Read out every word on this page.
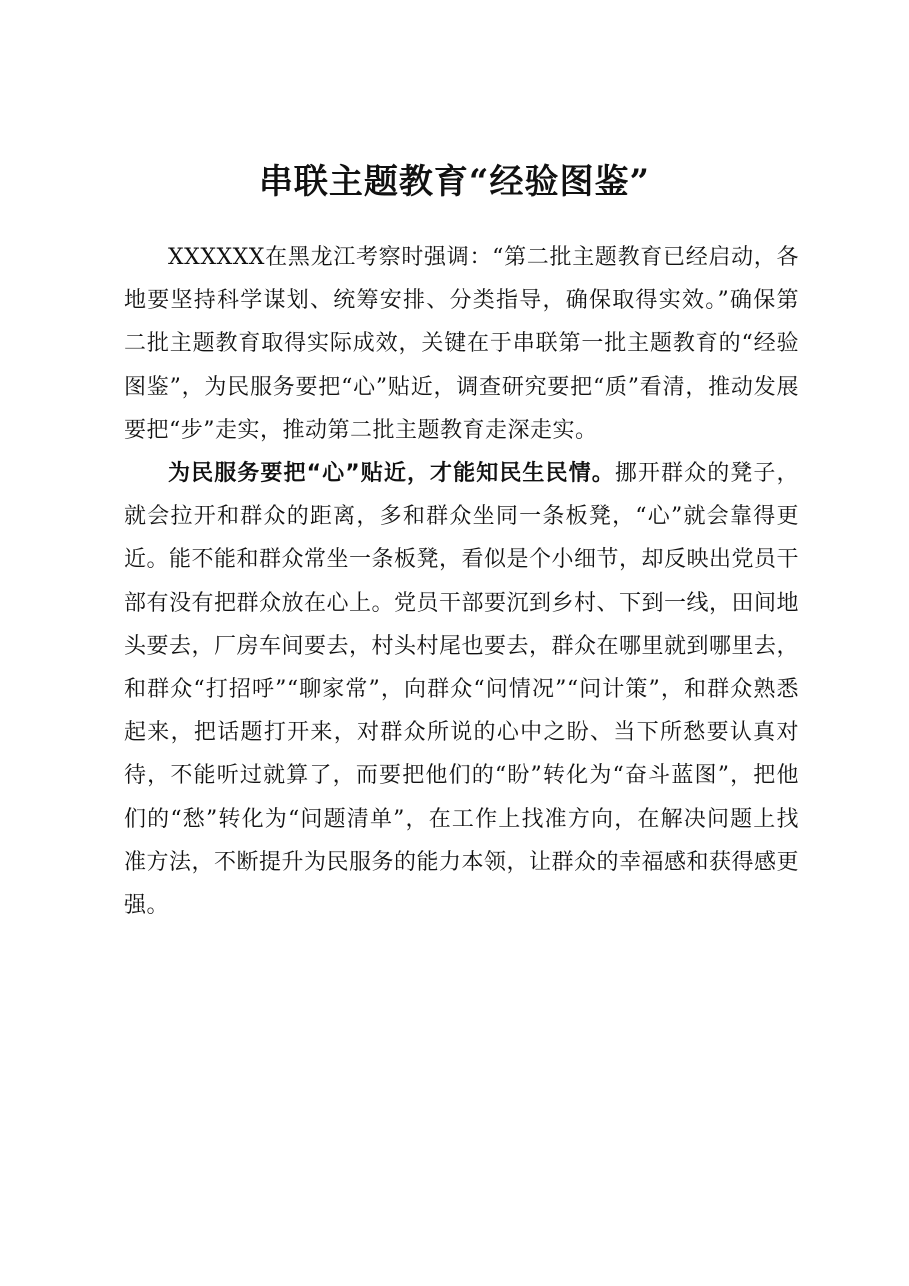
串联主题教育“经验图鉴”

XXXXXX在黑龙江考察时强调：“第二批主题教育已经启动，各地要坚持科学谋划、统筹安排、分类指导，确保取得实效。”确保第二批主题教育取得实际成效，关键在于串联第一批主题教育的“经验图鉴”，为民服务要把“心”贴近，调查研究要把“质”看清，推动发展要把“步”走实，推动第二批主题教育走深走实。

为民服务要把“心”贴近，才能知民生民情。挪开群众的凳子，就会拉开和群众的距离，多和群众坐同一条板凳，“心”就会靠得更近。能不能和群众常坐一条板凳，看似是个小细节，却反映出党员干部有没有把群众放在心上。党员干部要沉到乡村、下到一线，田间地头要去，厂房车间要去，村头村尾也要去，群众在哪里就到哪里去，和群众“打招呼”“聊家常”，向群众“问情况”“问计策”，和群众熟悉起来，把话题打开来，对群众所说的心中之盼、当下所愁要认真对待，不能听过就算了，而要把他们的“盼”转化为“奋斗蓝图”，把他们的“愁”转化为“问题清单”，在工作上找准方向，在解决问题上找准方法，不断提升为民服务的能力本领，让群众的幸福感和获得感更强。
